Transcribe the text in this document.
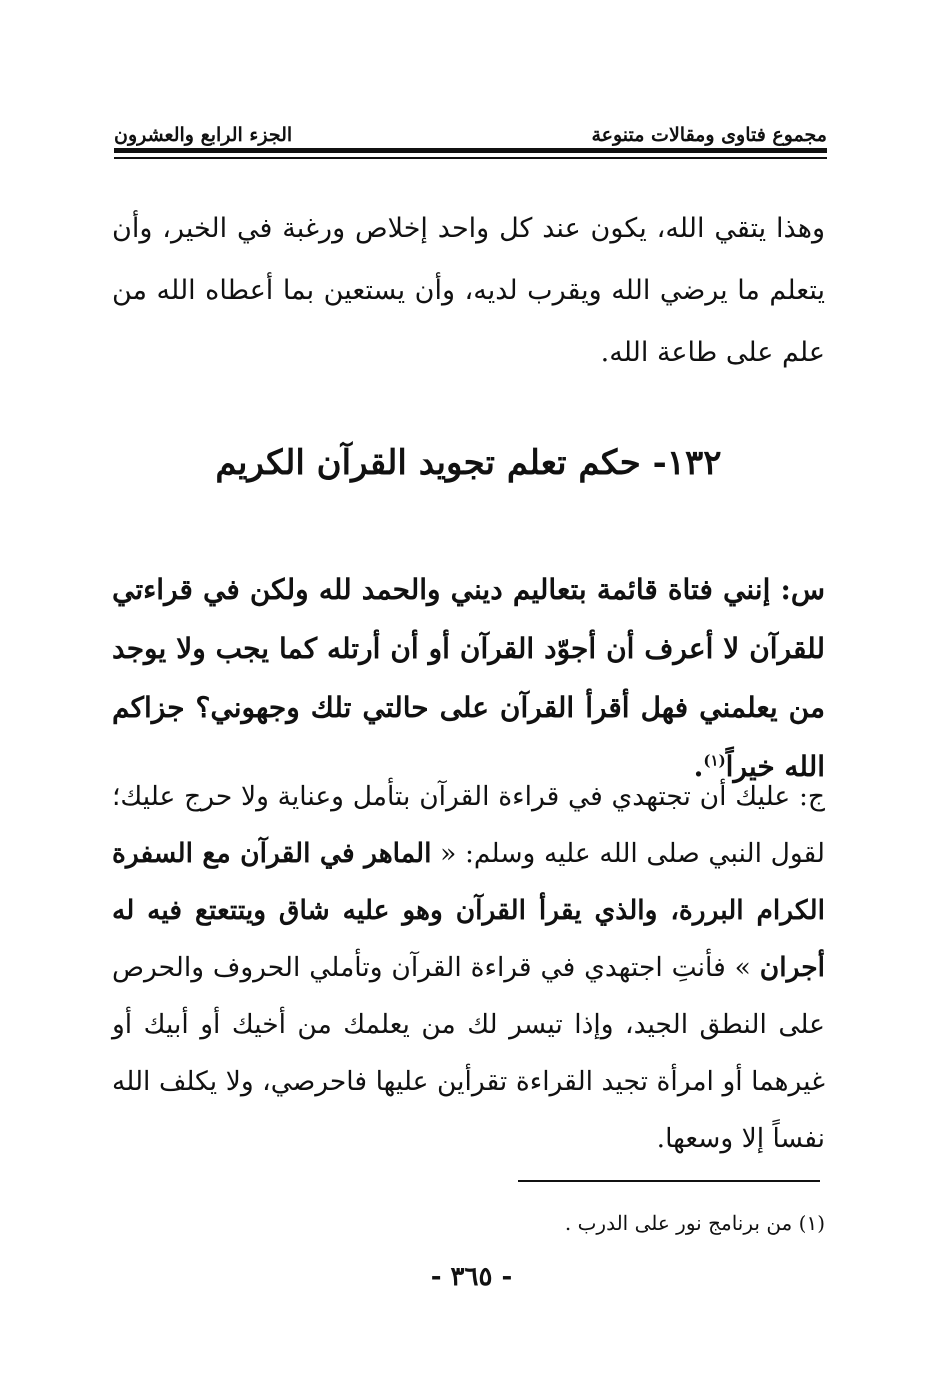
مجموع فتاوى ومقالات متنوعة
الجزء الرابع والعشرون

وهذا يتقي الله، يكون عند كل واحد إخلاص ورغبة في الخير، وأن يتعلم ما يرضي الله ويقرب لديه، وأن يستعين بما أعطاه الله من علم على طاعة الله.

١٣٢- حكم تعلم تجويد القرآن الكريم

س: إنني فتاة قائمة بتعاليم ديني والحمد لله ولكن في قراءتي للقرآن لا أعرف أن أجوّد القرآن أو أن أرتله كما يجب ولا يوجد من يعلمني فهل أقرأ القرآن على حالتي تلك وجهوني؟ جزاكم الله خيراً$^{(١)}$.

ج: عليك أن تجتهدي في قراءة القرآن بتأمل وعناية ولا حرج عليك؛ لقول النبي صلى الله عليه وسلم: « الماهر في القرآن مع السفرة الكرام البررة، والذي يقرأ القرآن وهو عليه شاق ويتتعتع فيه له أجران » فأنتِ اجتهدي في قراءة القرآن وتأملي الحروف والحرص على النطق الجيد، وإذا تيسر لك من يعلمك من أخيك أو أبيك أو غيرهما أو امرأة تجيد القراءة تقرأين عليها فاحرصي، ولا يكلف الله نفساً إلا وسعها.

(١) من برنامج نور على الدرب .

- ٣٦٥ -
